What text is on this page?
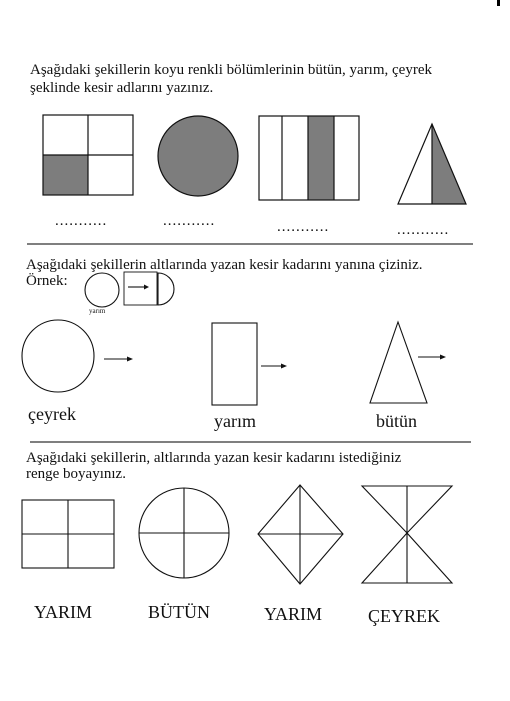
Aşağıdaki şekillerin koyu renkli bölümlerinin bütün, yarım, çeyrek
şeklinde kesir adlarını yazınız.
...........	...........	...........	...........
Aşağıdaki şekillerin altlarında yazan kesir kadarını yanına çiziniz.
Örnek:
yarım
çeyrek	yarım	bütün
Aşağıdaki şekillerin, altlarında yazan kesir kadarını istediğiniz
renge boyayınız.
YARIM	BÜTÜN	YARIM	ÇEYREK
